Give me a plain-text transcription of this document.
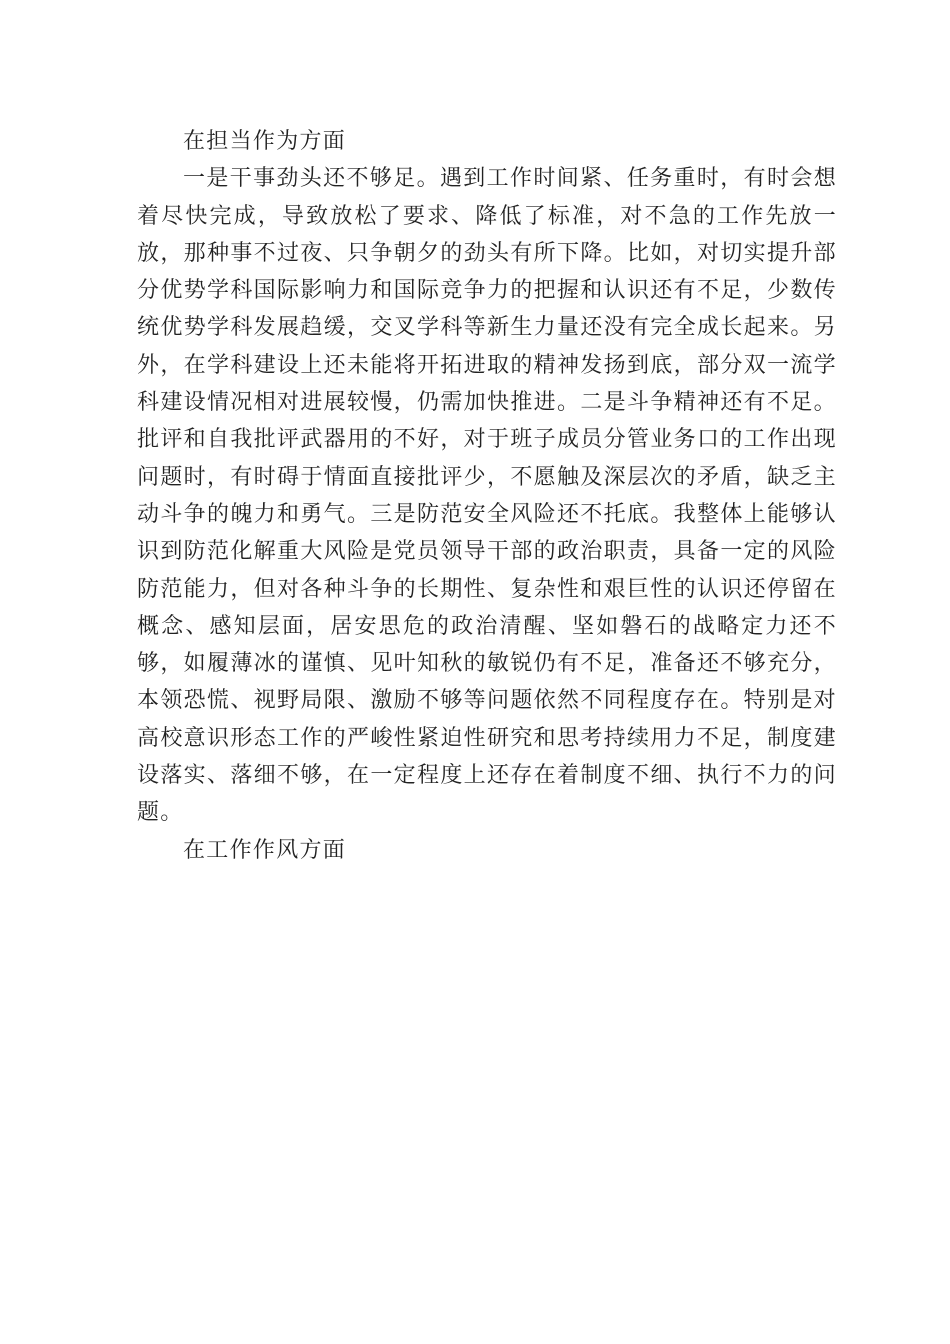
在担当作为方面

一是干事劲头还不够足。遇到工作时间紧、任务重时，有时会想着尽快完成，导致放松了要求、降低了标准，对不急的工作先放一放，那种事不过夜、只争朝夕的劲头有所下降。比如，对切实提升部分优势学科国际影响力和国际竞争力的把握和认识还有不足，少数传统优势学科发展趋缓，交叉学科等新生力量还没有完全成长起来。另外，在学科建设上还未能将开拓进取的精神发扬到底，部分双一流学科建设情况相对进展较慢，仍需加快推进。二是斗争精神还有不足。批评和自我批评武器用的不好，对于班子成员分管业务口的工作出现问题时，有时碍于情面直接批评少，不愿触及深层次的矛盾，缺乏主动斗争的魄力和勇气。三是防范安全风险还不托底。我整体上能够认识到防范化解重大风险是党员领导干部的政治职责，具备一定的风险防范能力，但对各种斗争的长期性、复杂性和艰巨性的认识还停留在概念、感知层面，居安思危的政治清醒、坚如磐石的战略定力还不够，如履薄冰的谨慎、见叶知秋的敏锐仍有不足，准备还不够充分，本领恐慌、视野局限、激励不够等问题依然不同程度存在。特别是对高校意识形态工作的严峻性紧迫性研究和思考持续用力不足，制度建设落实、落细不够，在一定程度上还存在着制度不细、执行不力的问题。

在工作作风方面
